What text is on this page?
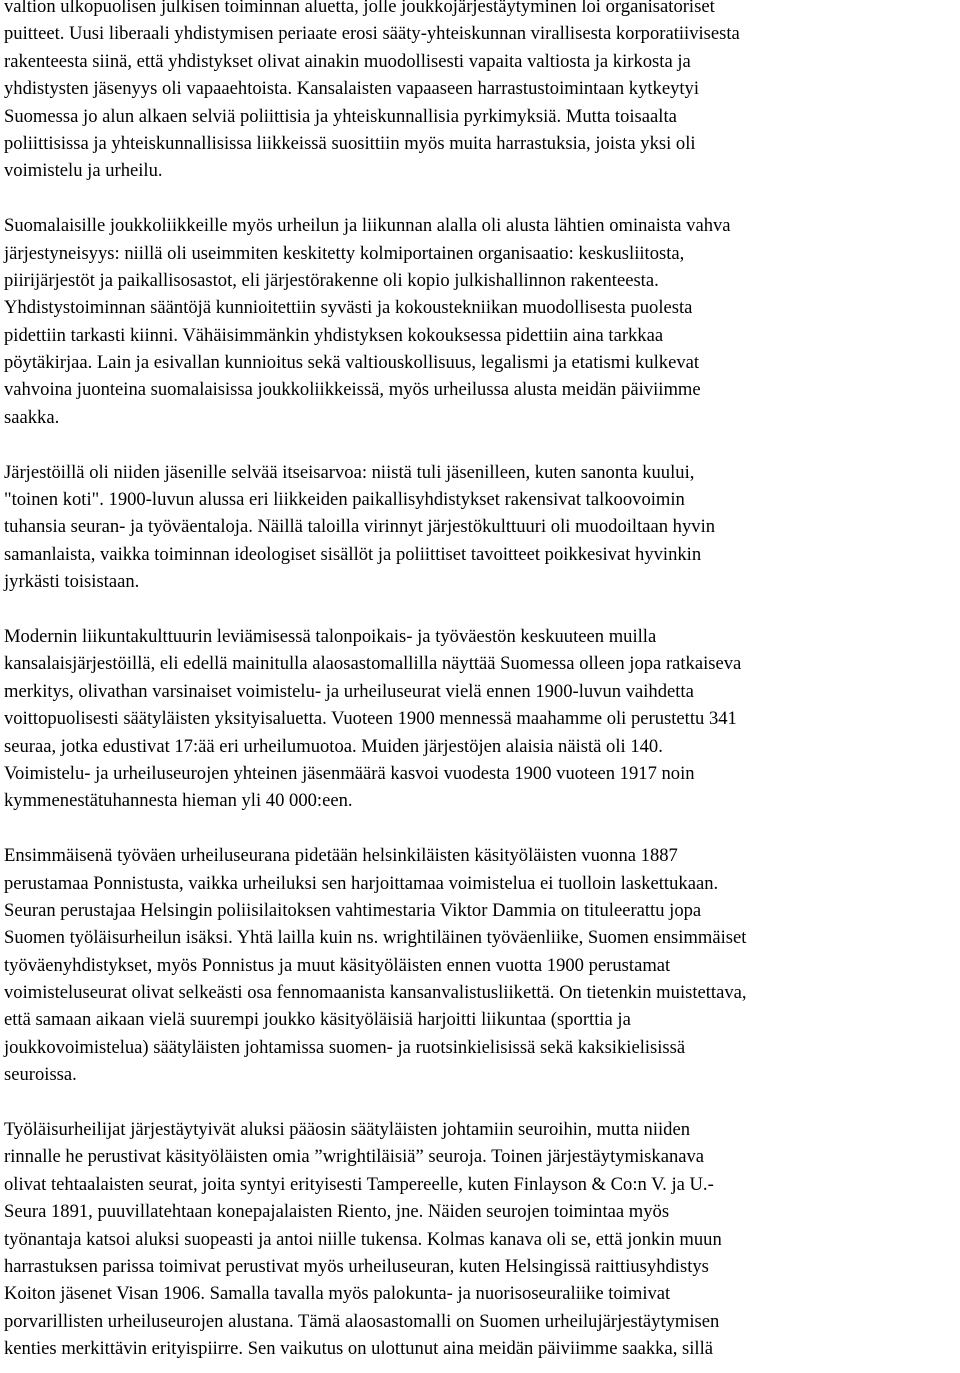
valtion ulkopuolisen julkisen toiminnan aluetta, jolle joukkojärjestäytyminen loi organisatoriset
puitteet. Uusi liberaali yhdistymisen periaate erosi sääty-yhteiskunnan virallisesta korporatiivisesta
rakenteesta siinä, että yhdistykset olivat ainakin muodollisesti vapaita valtiosta ja kirkosta ja
yhdistysten jäsenyys oli vapaaehtoista. Kansalaisten vapaaseen harrastustoimintaan kytkeytyi
Suomessa jo alun alkaen selviä poliittisia ja yhteiskunnallisia pyrkimyksiä. Mutta toisaalta
poliittisissa ja yhteiskunnallisissa liikkeissä suosittiin myös muita harrastuksia, joista yksi oli
voimistelu ja urheilu.
Suomalaisille joukkoliikkeille myös urheilun ja liikunnan alalla oli alusta lähtien ominaista vahva
järjestyneisyys: niillä oli useimmiten keskitetty kolmiportainen organisaatio: keskusliitosta,
piirijärjestöt ja paikallisosastot, eli järjestörakenne oli kopio julkishallinnon rakenteesta.
Yhdistystoiminnan sääntöjä kunnioitettiin syvästi ja kokoustekniikan muodollisesta puolesta
pidettiin tarkasti kiinni. Vähäisimmänkin yhdistyksen kokouksessa pidettiin aina tarkkaa
pöytäkirjaa. Lain ja esivallan kunnioitus sekä valtiouskollisuus, legalismi ja etatismi kulkevat
vahvoina juonteina suomalaisissa joukkoliikkeissä, myös urheilussa alusta meidän päiviimme
saakka.
Järjestöillä oli niiden jäsenille selvää itseisarvoa: niistä tuli jäsenilleen, kuten sanonta kuului,
"toinen koti". 1900-luvun alussa eri liikkeiden paikallisyhdistykset rakensivat talkoovoimin
tuhansia seuran- ja työväentaloja. Näillä taloilla virinnyt järjestökulttuuri oli muodoiltaan hyvin
samanlaista, vaikka toiminnan ideologiset sisällöt ja poliittiset tavoitteet poikkesivat hyvinkin
jyrkästi toisistaan.
Modernin liikuntakulttuurin leviämisessä talonpoikais- ja työväestön keskuuteen muilla
kansalaisjärjestöillä, eli edellä mainitulla alaosastomallilla näyttää Suomessa olleen jopa ratkaiseva
merkitys, olivathan varsinaiset voimistelu- ja urheiluseurat vielä ennen 1900-luvun vaihdetta
voittopuolisesti säätyläisten yksityisaluetta. Vuoteen 1900 mennessä maahamme oli perustettu 341
seuraa, jotka edustivat 17:ää eri urheilumuotoa. Muiden järjestöjen alaisia näistä oli 140.
Voimistelu- ja urheiluseurojen yhteinen jäsenmäärä kasvoi vuodesta 1900 vuoteen 1917 noin
kymmenestätuhannesta hieman yli 40 000:een.
Ensimmäisenä työväen urheiluseurana pidetään helsinkiläisten käsityöläisten vuonna 1887
perustamaa Ponnistusta, vaikka urheiluksi sen harjoittamaa voimistelua ei tuolloin laskettukaan.
Seuran perustajaa Helsingin poliisilaitoksen vahtimestaria Viktor Dammia on tituleerattu jopa
Suomen työläisurheilun isäksi. Yhtä lailla kuin ns. wrightiläinen työväenliike, Suomen ensimmäiset
työväenyhdistykset, myös Ponnistus ja muut käsityöläisten ennen vuotta 1900 perustamat
voimisteluseurat olivat selkeästi osa fennomaanista kansanvalistusliikettä. On tietenkin muistettava,
että samaan aikaan vielä suurempi joukko käsityöläisiä harjoitti liikuntaa (sporttia ja
joukkovoimistelua) säätyläisten johtamissa suomen- ja ruotsinkielisissä sekä kaksikielisissä
seuroissa.
Työläisurheilijat järjestäytyivät aluksi pääosin säätyläisten johtamiin seuroihin, mutta niiden
rinnalle he perustivat käsityöläisten omia ”wrightiläisiä” seuroja. Toinen järjestäytymiskanava
olivat tehtaalaisten seurat, joita syntyi erityisesti Tampereelle, kuten Finlayson & Co:n V. ja U.-
Seura 1891, puuvillatehtaan konepajalaisten Riento, jne. Näiden seurojen toimintaa myös
työnantaja katsoi aluksi suopeasti ja antoi niille tukensa. Kolmas kanava oli se, että jonkin muun
harrastuksen parissa toimivat perustivat myös urheiluseuran, kuten Helsingissä raittiusyhdistys
Koiton jäsenet Visan 1906. Samalla tavalla myös palokunta- ja nuorisoseuraliike toimivat
porvarillisten urheiluseurojen alustana. Tämä alaosastomalli on Suomen urheilujärjestäytymisen
kenties merkittävin erityispiirre. Sen vaikutus on ulottunut aina meidän päiviimme saakka, sillä
